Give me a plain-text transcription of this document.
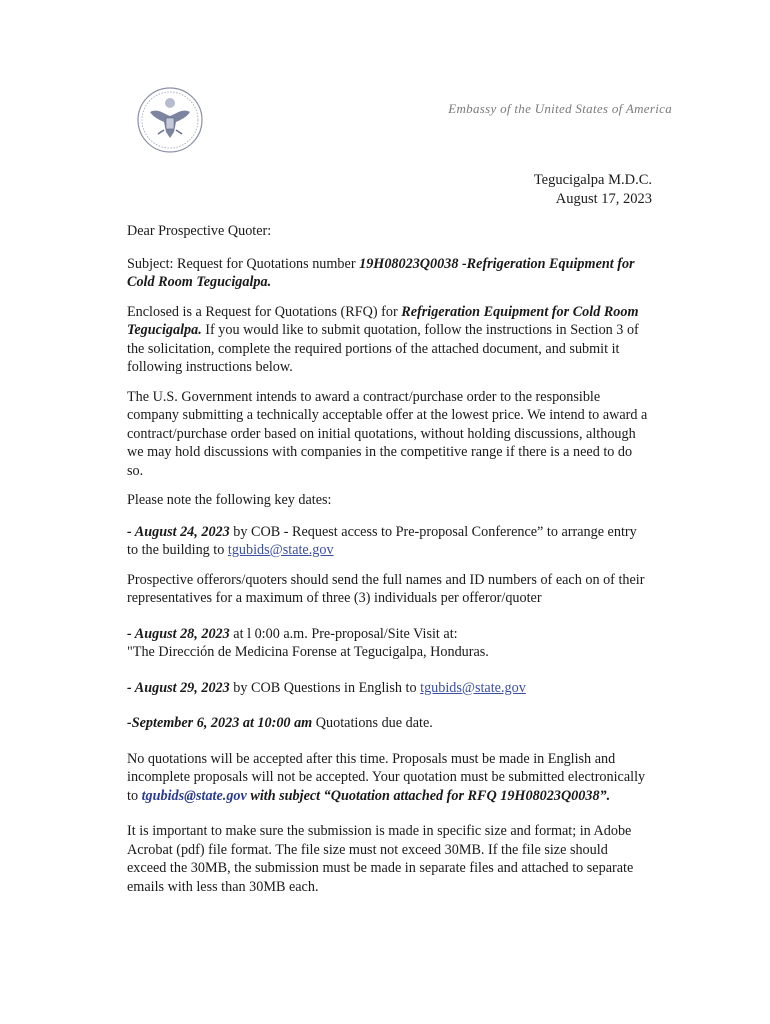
Embassy of the United States of America
Tegucigalpa M.D.C.
August 17, 2023

Dear Prospective Quoter:

Subject: Request for Quotations number 19H08023Q0038 -Refrigeration Equipment for Cold Room Tegucigalpa.

Enclosed is a Request for Quotations (RFQ) for Refrigeration Equipment for Cold Room Tegucigalpa. If you would like to submit quotation, follow the instructions in Section 3 of the solicitation, complete the required portions of the attached document, and submit it following instructions below.

The U.S. Government intends to award a contract/purchase order to the responsible company submitting a technically acceptable offer at the lowest price. We intend to award a contract/purchase order based on initial quotations, without holding discussions, although we may hold discussions with companies in the competitive range if there is a need to do so.

Please note the following key dates:

- August 24, 2023 by COB - Request access to Pre-proposal Conference” to arrange entry to the building to tgubids@state.gov

Prospective offerors/quoters should send the full names and ID numbers of each on of their representatives for a maximum of three (3) individuals per offeror/quoter

- August 28, 2023 at l 0:00 a.m. Pre-proposal/Site Visit at:
"The Dirección de Medicina Forense at Tegucigalpa, Honduras.

- August 29, 2023 by COB Questions in English to tgubids@state.gov

-September 6, 2023 at 10:00 am Quotations due date.

No quotations will be accepted after this time. Proposals must be made in English and incomplete proposals will not be accepted. Your quotation must be submitted electronically to tgubids@state.gov with subject “Quotation attached for RFQ 19H08023Q0038”.

It is important to make sure the submission is made in specific size and format; in Adobe Acrobat (pdf) file format. The file size must not exceed 30MB. If the file size should exceed the 30MB, the submission must be made in separate files and attached to separate emails with less than 30MB each.
